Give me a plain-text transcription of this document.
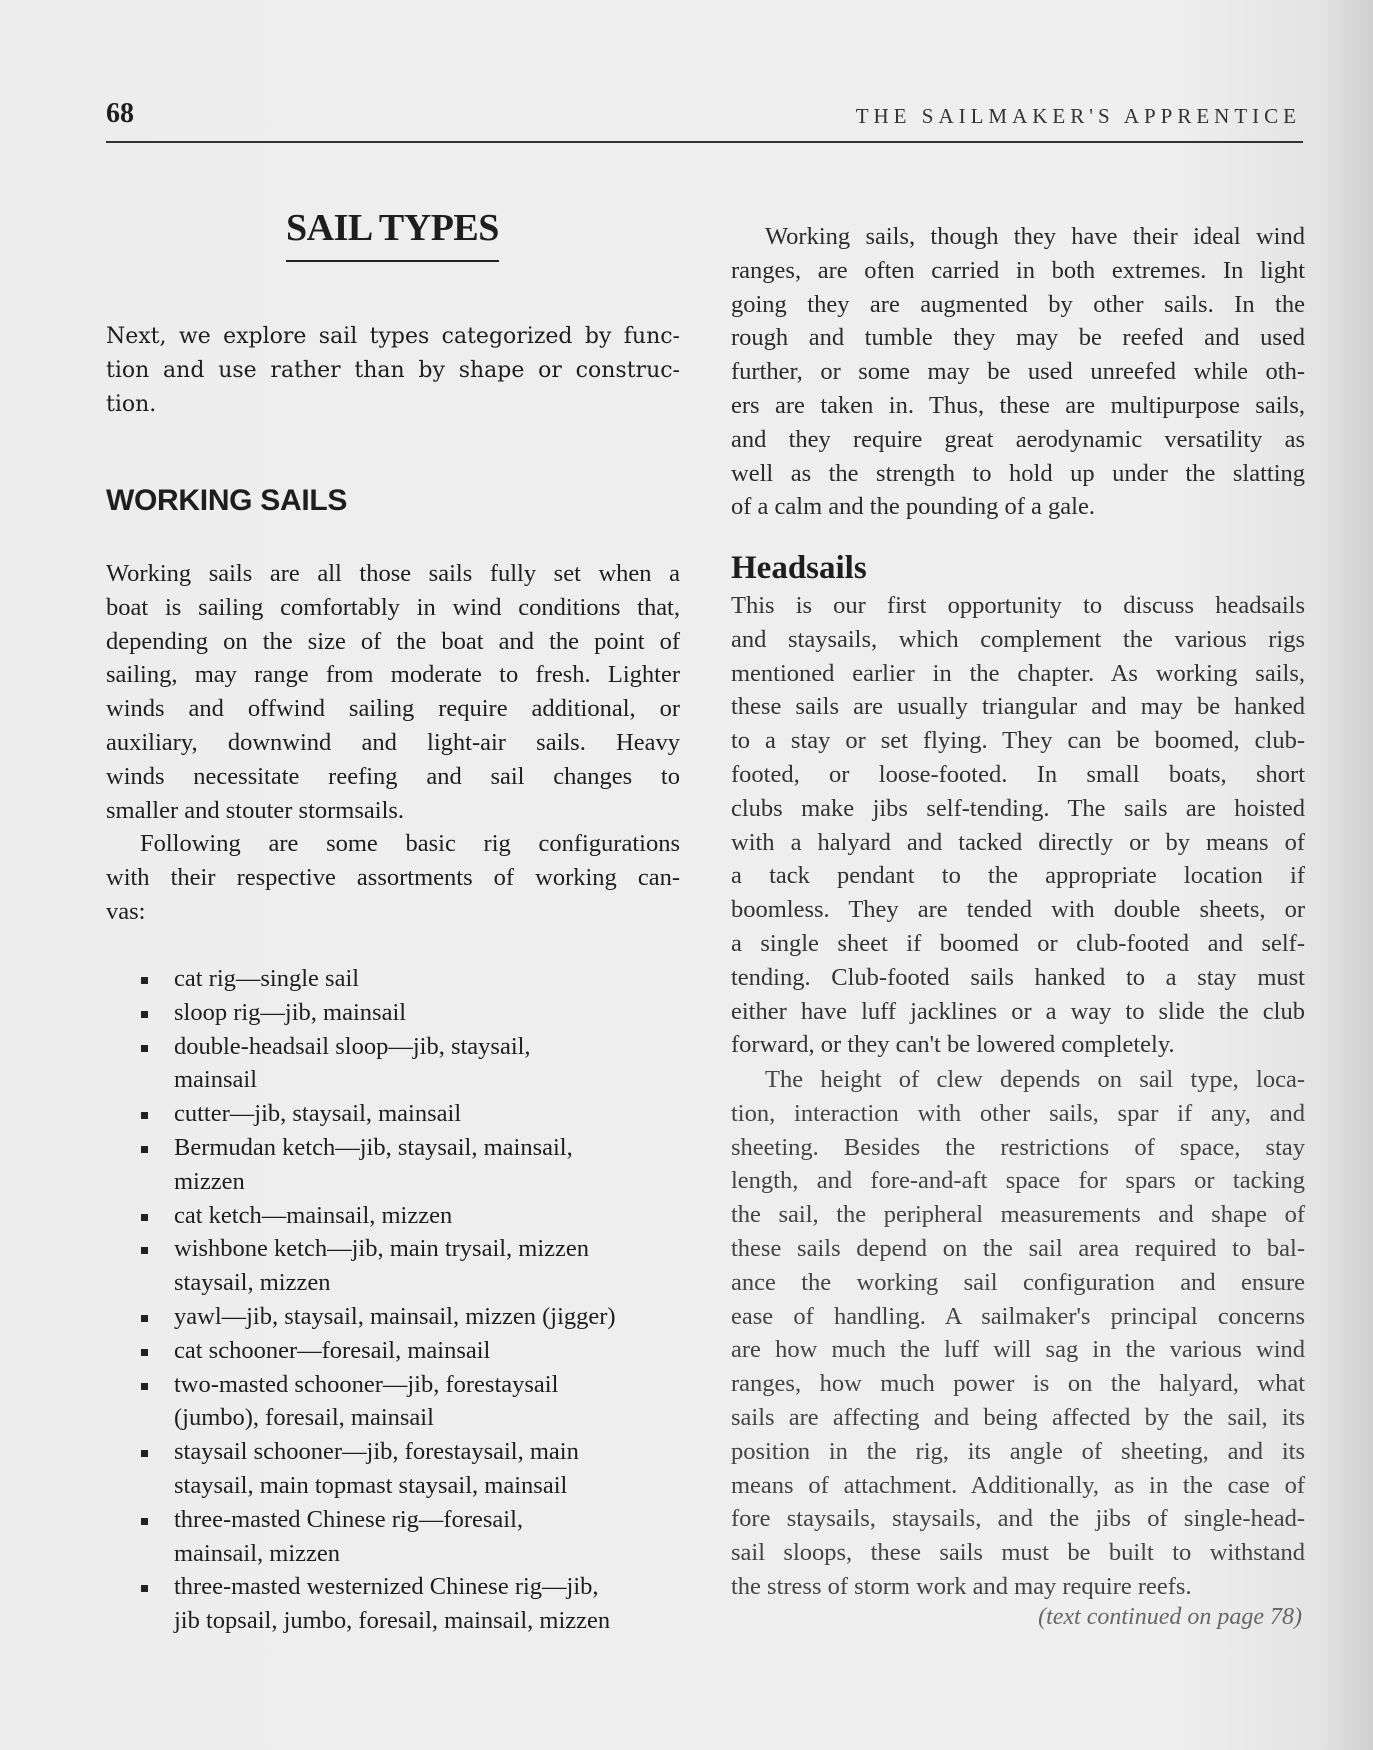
68	THE SAILMAKER'S APPRENTICE
SAIL TYPES
Next, we explore sail types categorized by func-
tion and use rather than by shape or construc-
tion.
WORKING SAILS
Working sails are all those sails fully set when a
boat is sailing comfortably in wind conditions that,
depending on the size of the boat and the point of
sailing, may range from moderate to fresh. Lighter
winds and offwind sailing require additional, or
auxiliary, downwind and light-air sails. Heavy
winds necessitate reefing and sail changes to
smaller and stouter stormsails.
Following are some basic rig configurations
with their respective assortments of working can-
vas:
cat rig—single sail
sloop rig—jib, mainsail
double-headsail sloop—jib, staysail,
mainsail
cutter—jib, staysail, mainsail
Bermudan ketch—jib, staysail, mainsail,
mizzen
cat ketch—mainsail, mizzen
wishbone ketch—jib, main trysail, mizzen
staysail, mizzen
yawl—jib, staysail, mainsail, mizzen (jigger)
cat schooner—foresail, mainsail
two-masted schooner—jib, forestaysail
(jumbo), foresail, mainsail
staysail schooner—jib, forestaysail, main
staysail, main topmast staysail, mainsail
three-masted Chinese rig—foresail,
mainsail, mizzen
three-masted westernized Chinese rig—jib,
jib topsail, jumbo, foresail, mainsail, mizzen
Working sails, though they have their ideal wind
ranges, are often carried in both extremes. In light
going they are augmented by other sails. In the
rough and tumble they may be reefed and used
further, or some may be used unreefed while oth-
ers are taken in. Thus, these are multipurpose sails,
and they require great aerodynamic versatility as
well as the strength to hold up under the slatting
of a calm and the pounding of a gale.
Headsails
This is our first opportunity to discuss headsails
and staysails, which complement the various rigs
mentioned earlier in the chapter. As working sails,
these sails are usually triangular and may be hanked
to a stay or set flying. They can be boomed, club-
footed, or loose-footed. In small boats, short
clubs make jibs self-tending. The sails are hoisted
with a halyard and tacked directly or by means of
a tack pendant to the appropriate location if
boomless. They are tended with double sheets, or
a single sheet if boomed or club-footed and self-
tending. Club-footed sails hanked to a stay must
either have luff jacklines or a way to slide the club
forward, or they can't be lowered completely.
The height of clew depends on sail type, loca-
tion, interaction with other sails, spar if any, and
sheeting. Besides the restrictions of space, stay
length, and fore-and-aft space for spars or tacking
the sail, the peripheral measurements and shape of
these sails depend on the sail area required to bal-
ance the working sail configuration and ensure
ease of handling. A sailmaker's principal concerns
are how much the luff will sag in the various wind
ranges, how much power is on the halyard, what
sails are affecting and being affected by the sail, its
position in the rig, its angle of sheeting, and its
means of attachment. Additionally, as in the case of
fore staysails, staysails, and the jibs of single-head-
sail sloops, these sails must be built to withstand
the stress of storm work and may require reefs.
(text continued on page 78)
